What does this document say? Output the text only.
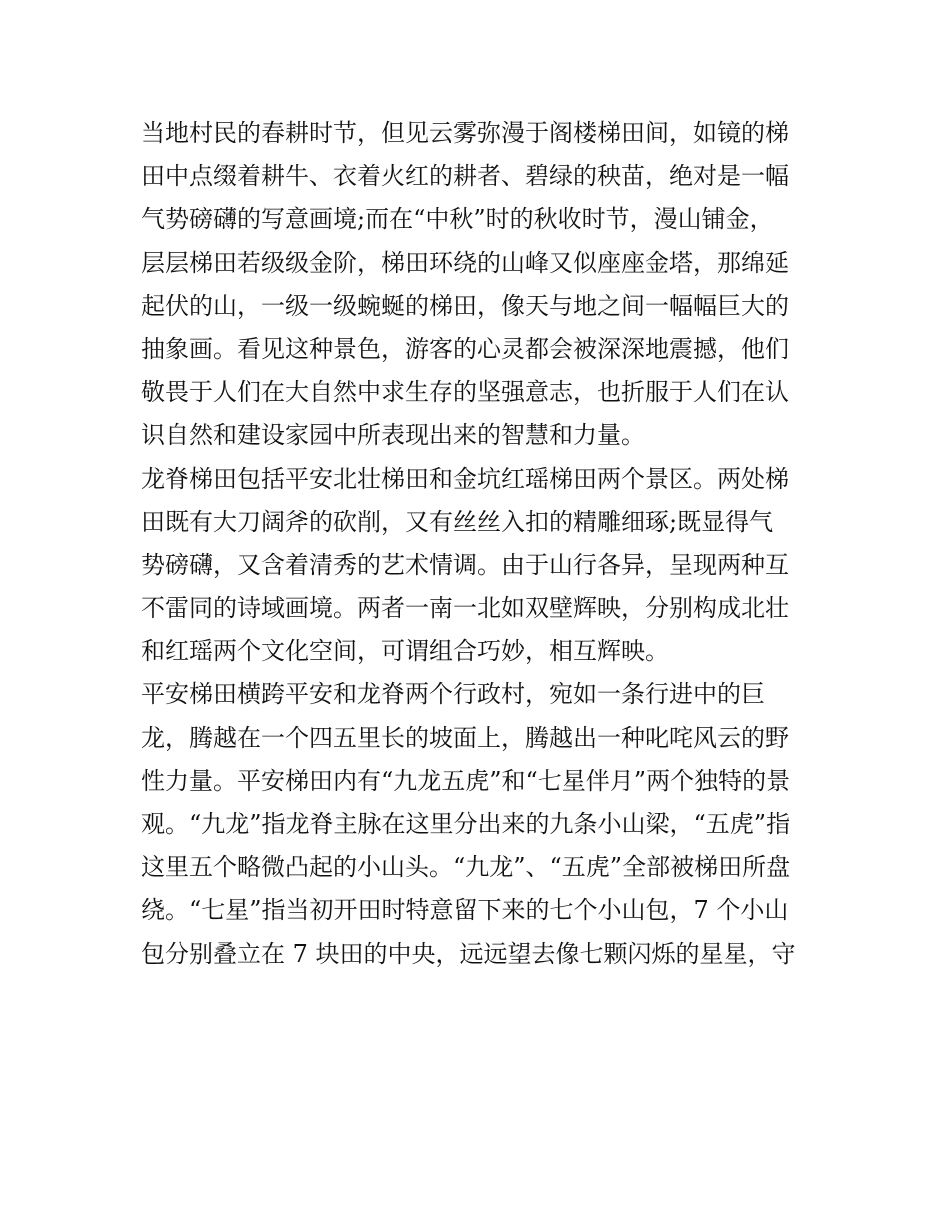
当地村民的春耕时节，但见云雾弥漫于阁楼梯田间，如镜的梯
田中点缀着耕牛、衣着火红的耕者、碧绿的秧苗，绝对是一幅
气势磅礴的写意画境;而在“中秋”时的秋收时节，漫山铺金，
层层梯田若级级金阶，梯田环绕的山峰又似座座金塔，那绵延
起伏的山，一级一级蜿蜒的梯田，像天与地之间一幅幅巨大的
抽象画。看见这种景色，游客的心灵都会被深深地震撼，他们
敬畏于人们在大自然中求生存的坚强意志，也折服于人们在认
识自然和建设家园中所表现出来的智慧和力量。
龙脊梯田包括平安北壮梯田和金坑红瑶梯田两个景区。两处梯
田既有大刀阔斧的砍削，又有丝丝入扣的精雕细琢;既显得气
势磅礴，又含着清秀的艺术情调。由于山行各异，呈现两种互
不雷同的诗域画境。两者一南一北如双壁辉映，分别构成北壮
和红瑶两个文化空间，可谓组合巧妙，相互辉映。
平安梯田横跨平安和龙脊两个行政村，宛如一条行进中的巨
龙，腾越在一个四五里长的坡面上，腾越出一种叱咤风云的野
性力量。平安梯田内有“九龙五虎”和“七星伴月”两个独特的景
观。“九龙”指龙脊主脉在这里分出来的九条小山梁，“五虎”指
这里五个略微凸起的小山头。“九龙”、“五虎”全部被梯田所盘
绕。“七星”指当初开田时特意留下来的七个小山包，7 个小山
包分别叠立在 7 块田的中央，远远望去像七颗闪烁的星星，守
